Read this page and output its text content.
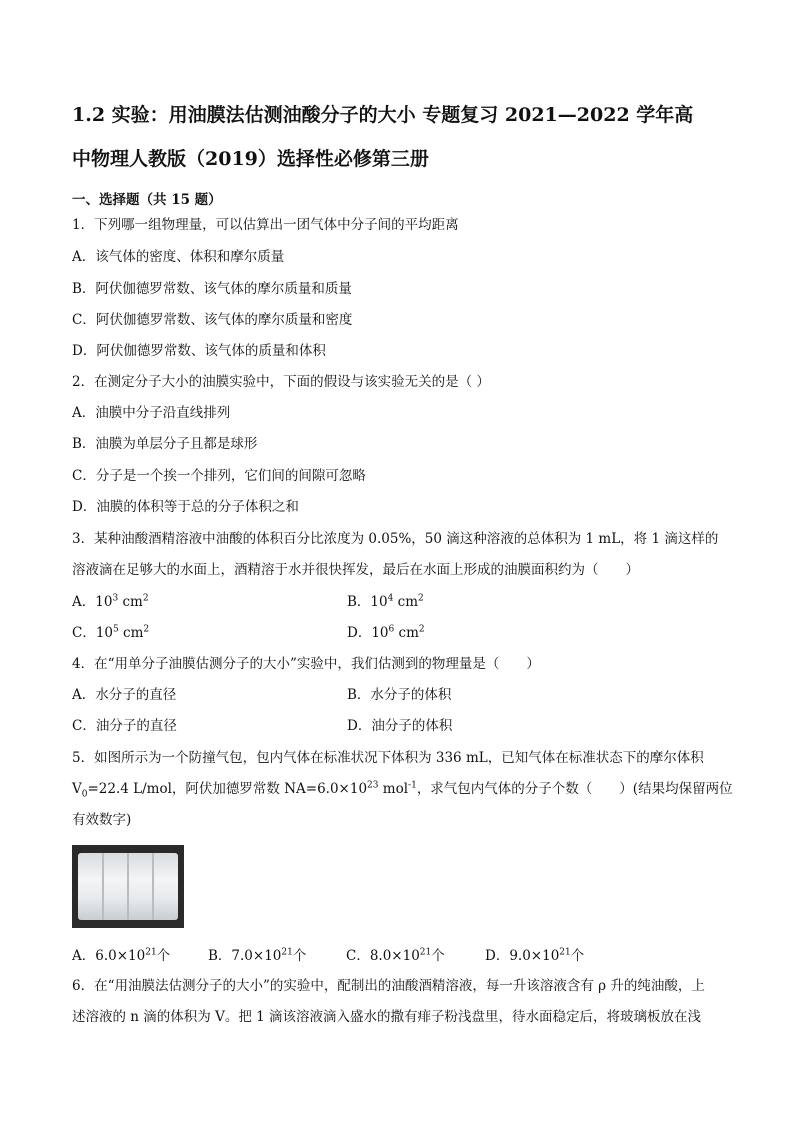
1.2 实验：用油膜法估测油酸分子的大小 专题复习 2021—2022 学年高
中物理人教版（2019）选择性必修第三册
一、选择题（共 15 题）
1．下列哪一组物理量，可以估算出一团气体中分子间的平均距离
A．该气体的密度、体积和摩尔质量
B．阿伏伽德罗常数、该气体的摩尔质量和质量
C．阿伏伽德罗常数、该气体的摩尔质量和密度
D．阿伏伽德罗常数、该气体的质量和体积
2．在测定分子大小的油膜实验中，下面的假设与该实验无关的是（ ）
A．油膜中分子沿直线排列
B．油膜为单层分子且都是球形
C．分子是一个挨一个排列，它们间的间隙可忽略
D．油膜的体积等于总的分子体积之和
3．某种油酸酒精溶液中油酸的体积百分比浓度为 0.05%，50 滴这种溶液的总体积为 1 mL，将 1 滴这样的
溶液滴在足够大的水面上，酒精溶于水并很快挥发，最后在水面上形成的油膜面积约为（　　）
A．$10^3$ $cm^2$	B．$10^4$ $cm^2$
C．$10^5$ $cm^2$	D．$10^6$ $cm^2$
4．在“用单分子油膜估测分子的大小”实验中，我们估测到的物理量是（　　）
A．水分子的直径	B．水分子的体积
C．油分子的直径	D．油分子的体积
5．如图所示为一个防撞气包，包内气体在标准状况下体积为 336 mL，已知气体在标准状态下的摩尔体积
$V_0=22.4$ L/mol，阿伏加德罗常数 $NA=6.0\times 10^{23}$ mol$^{-1}$，求气包内气体的分子个数（　　）(结果均保留两位
有效数字)
A．$6.0\times 10^{21}$个	B．$7.0\times 10^{21}$个	C．$8.0\times 10^{21}$个	D．$9.0\times 10^{21}$个
6．在“用油膜法估测分子的大小”的实验中，配制出的油酸酒精溶液，每一升该溶液含有 ρ 升的纯油酸，上
述溶液的 n 滴的体积为 V。把 1 滴该溶液滴入盛水的撒有痱子粉浅盘里，待水面稳定后，将玻璃板放在浅
